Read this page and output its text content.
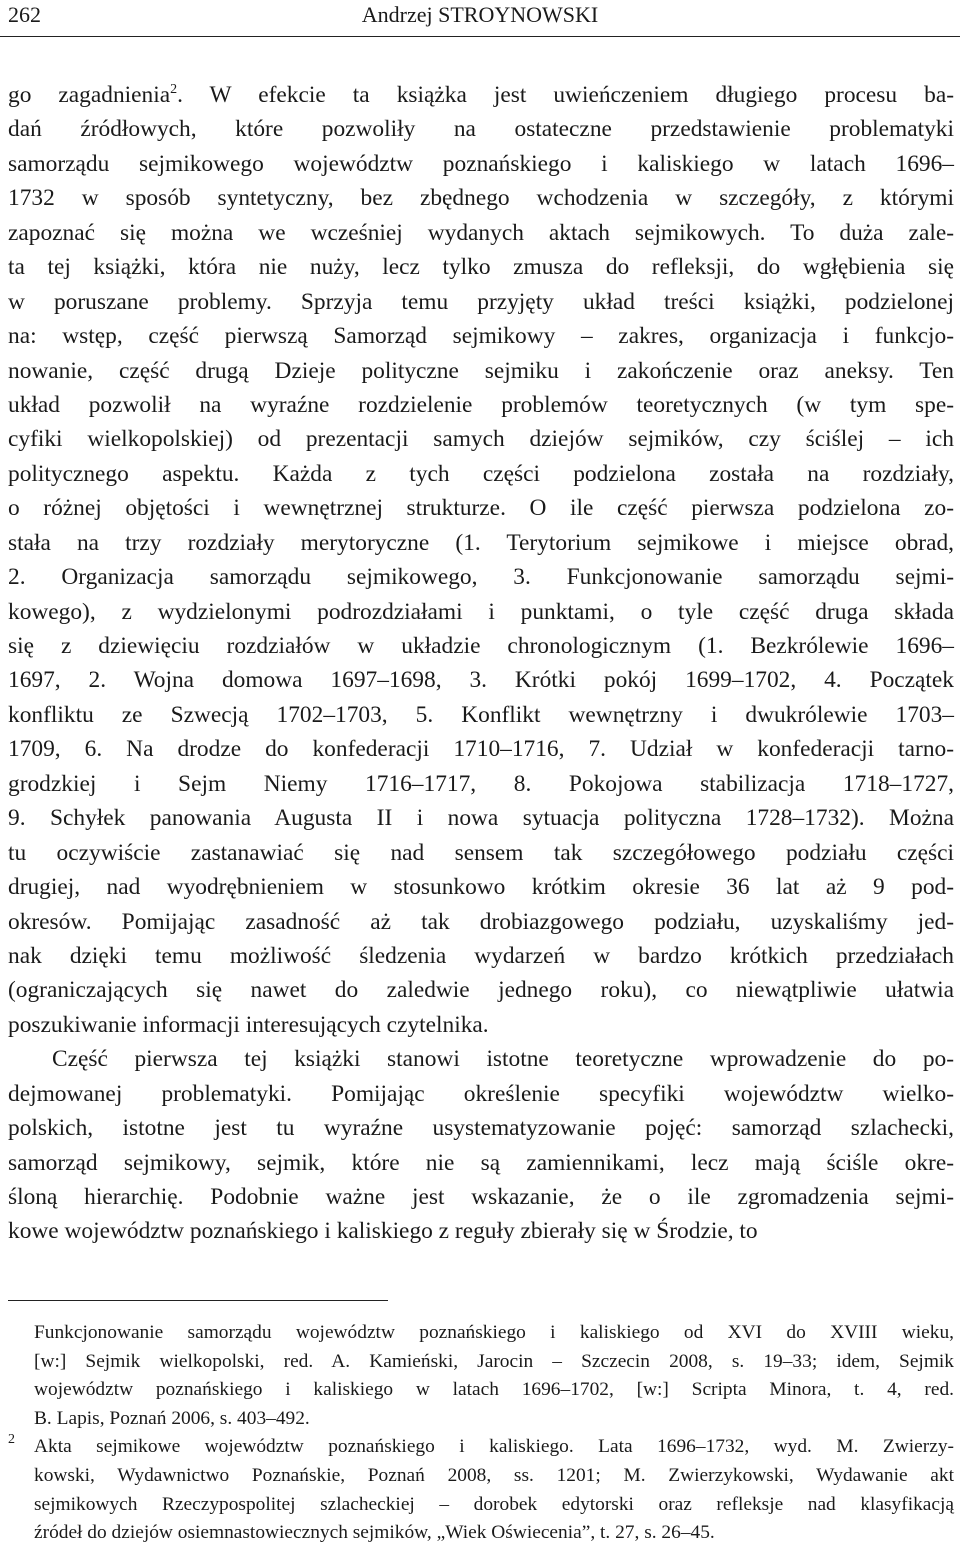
262	Andrzej STROYNOWSKI
go zagadnienia$^2$. W efekcie ta książka jest uwieńczeniem długiego procesu ba-
dań źródłowych, które pozwoliły na ostateczne przedstawienie problematyki
samorządu sejmikowego województw poznańskiego i kaliskiego w latach 1696–
1732 w sposób syntetyczny, bez zbędnego wchodzenia w szczegóły, z którymi
zapoznać się można we wcześniej wydanych aktach sejmikowych. To duża zale-
ta tej książki, która nie nuży, lecz tylko zmusza do refleksji, do wgłębienia się
w poruszane problemy. Sprzyja temu przyjęty układ treści książki, podzielonej
na: wstęp, część pierwszą Samorząd sejmikowy – zakres, organizacja i funkcjo-
nowanie, część drugą Dzieje polityczne sejmiku i zakończenie oraz aneksy. Ten
układ pozwolił na wyraźne rozdzielenie problemów teoretycznych (w tym spe-
cyfiki wielkopolskiej) od prezentacji samych dziejów sejmików, czy ściślej – ich
politycznego aspektu. Każda z tych części podzielona została na rozdziały,
o różnej objętości i wewnętrznej strukturze. O ile część pierwsza podzielona zo-
stała na trzy rozdziały merytoryczne (1. Terytorium sejmikowe i miejsce obrad,
2. Organizacja samorządu sejmikowego, 3. Funkcjonowanie samorządu sejmi-
kowego), z wydzielonymi podrozdziałami i punktami, o tyle część druga składa
się z dziewięciu rozdziałów w układzie chronologicznym (1. Bezkrólewie 1696–
1697, 2. Wojna domowa 1697–1698, 3. Krótki pokój 1699–1702, 4. Początek
konfliktu ze Szwecją 1702–1703, 5. Konflikt wewnętrzny i dwukrólewie 1703–
1709, 6. Na drodze do konfederacji 1710–1716, 7. Udział w konfederacji tarno-
grodzkiej i Sejm Niemy 1716–1717, 8. Pokojowa stabilizacja 1718–1727,
9. Schyłek panowania Augusta II i nowa sytuacja polityczna 1728–1732). Można
tu oczywiście zastanawiać się nad sensem tak szczegółowego podziału części
drugiej, nad wyodrębnieniem w stosunkowo krótkim okresie 36 lat aż 9 pod-
okresów. Pomijając zasadność aż tak drobiazgowego podziału, uzyskaliśmy jed-
nak dzięki temu możliwość śledzenia wydarzeń w bardzo krótkich przedziałach
(ograniczających się nawet do zaledwie jednego roku), co niewątpliwie ułatwia
poszukiwanie informacji interesujących czytelnika.
Część pierwsza tej książki stanowi istotne teoretyczne wprowadzenie do po-
dejmowanej problematyki. Pomijając określenie specyfiki województw wielko-
polskich, istotne jest tu wyraźne usystematyzowanie pojęć: samorząd szlachecki,
samorząd sejmikowy, sejmik, które nie są zamiennikami, lecz mają ściśle okre-
śloną hierarchię. Podobnie ważne jest wskazanie, że o ile zgromadzenia sejmi-
kowe województw poznańskiego i kaliskiego z reguły zbierały się w Środzie, to
Funkcjonowanie samorządu województw poznańskiego i kaliskiego od XVI do XVIII wieku,
[w:] Sejmik wielkopolski, red. A. Kamieński, Jarocin – Szczecin 2008, s. 19–33; idem, Sejmik
województw poznańskiego i kaliskiego w latach 1696–1702, [w:] Scripta Minora, t. 4, red.
B. Lapis, Poznań 2006, s. 403–492.
2 Akta sejmikowe województw poznańskiego i kaliskiego. Lata 1696–1732, wyd. M. Zwierzy-
kowski, Wydawnictwo Poznańskie, Poznań 2008, ss. 1201; M. Zwierzykowski, Wydawanie akt
sejmikowych Rzeczypospolitej szlacheckiej – dorobek edytorski oraz refleksje nad klasyfikacją
źródeł do dziejów osiemnastowiecznych sejmików, „Wiek Oświecenia”, t. 27, s. 26–45.
